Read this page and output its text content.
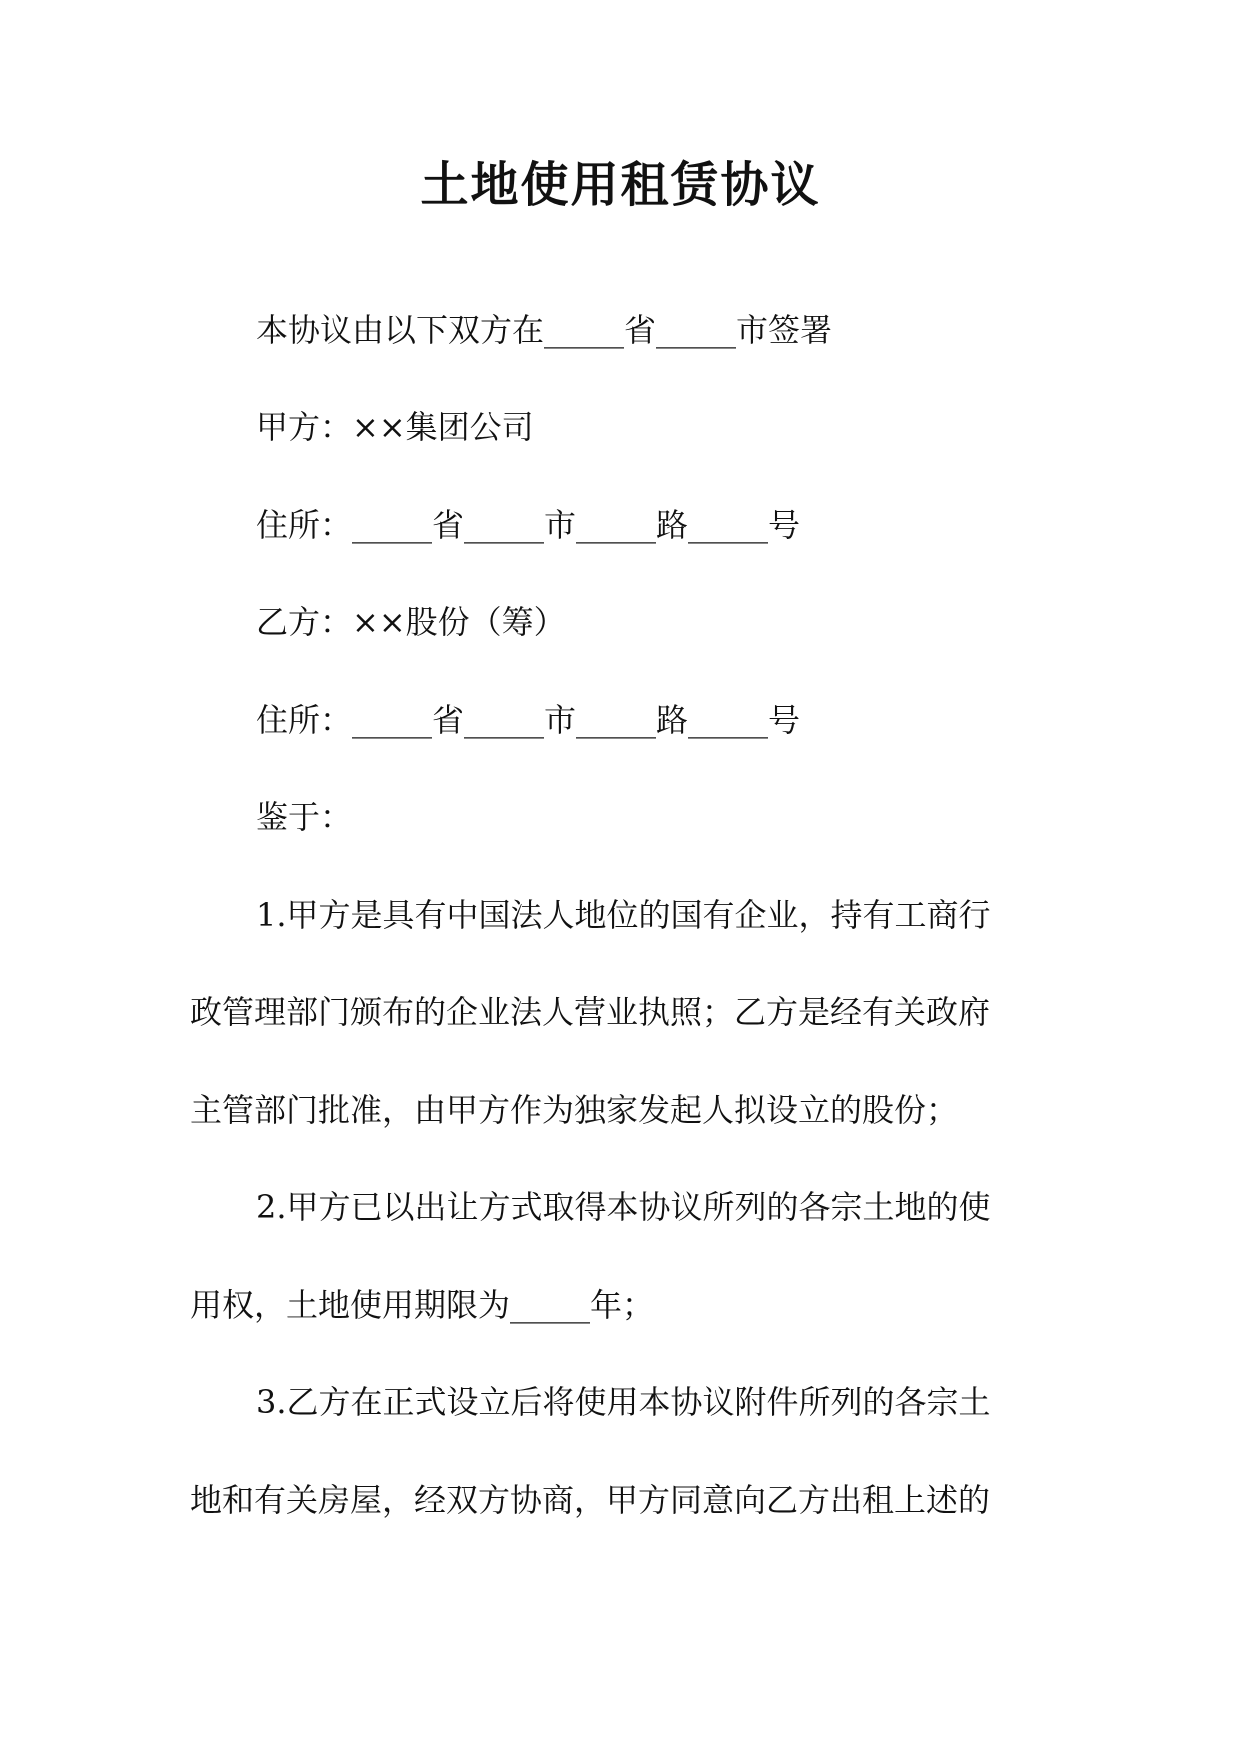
土地使用租赁协议
本协议由以下双方在_____省_____市签署
甲方：××集团公司
住所：_____省_____市_____路_____号
乙方：××股份（筹）
住所：_____省_____市_____路_____号
鉴于：
1.甲方是具有中国法人地位的国有企业，持有工商行
政管理部门颁布的企业法人营业执照；乙方是经有关政府
主管部门批准，由甲方作为独家发起人拟设立的股份；
2.甲方已以出让方式取得本协议所列的各宗土地的使
用权，土地使用期限为_____年；
3.乙方在正式设立后将使用本协议附件所列的各宗土
地和有关房屋，经双方协商，甲方同意向乙方出租上述的
